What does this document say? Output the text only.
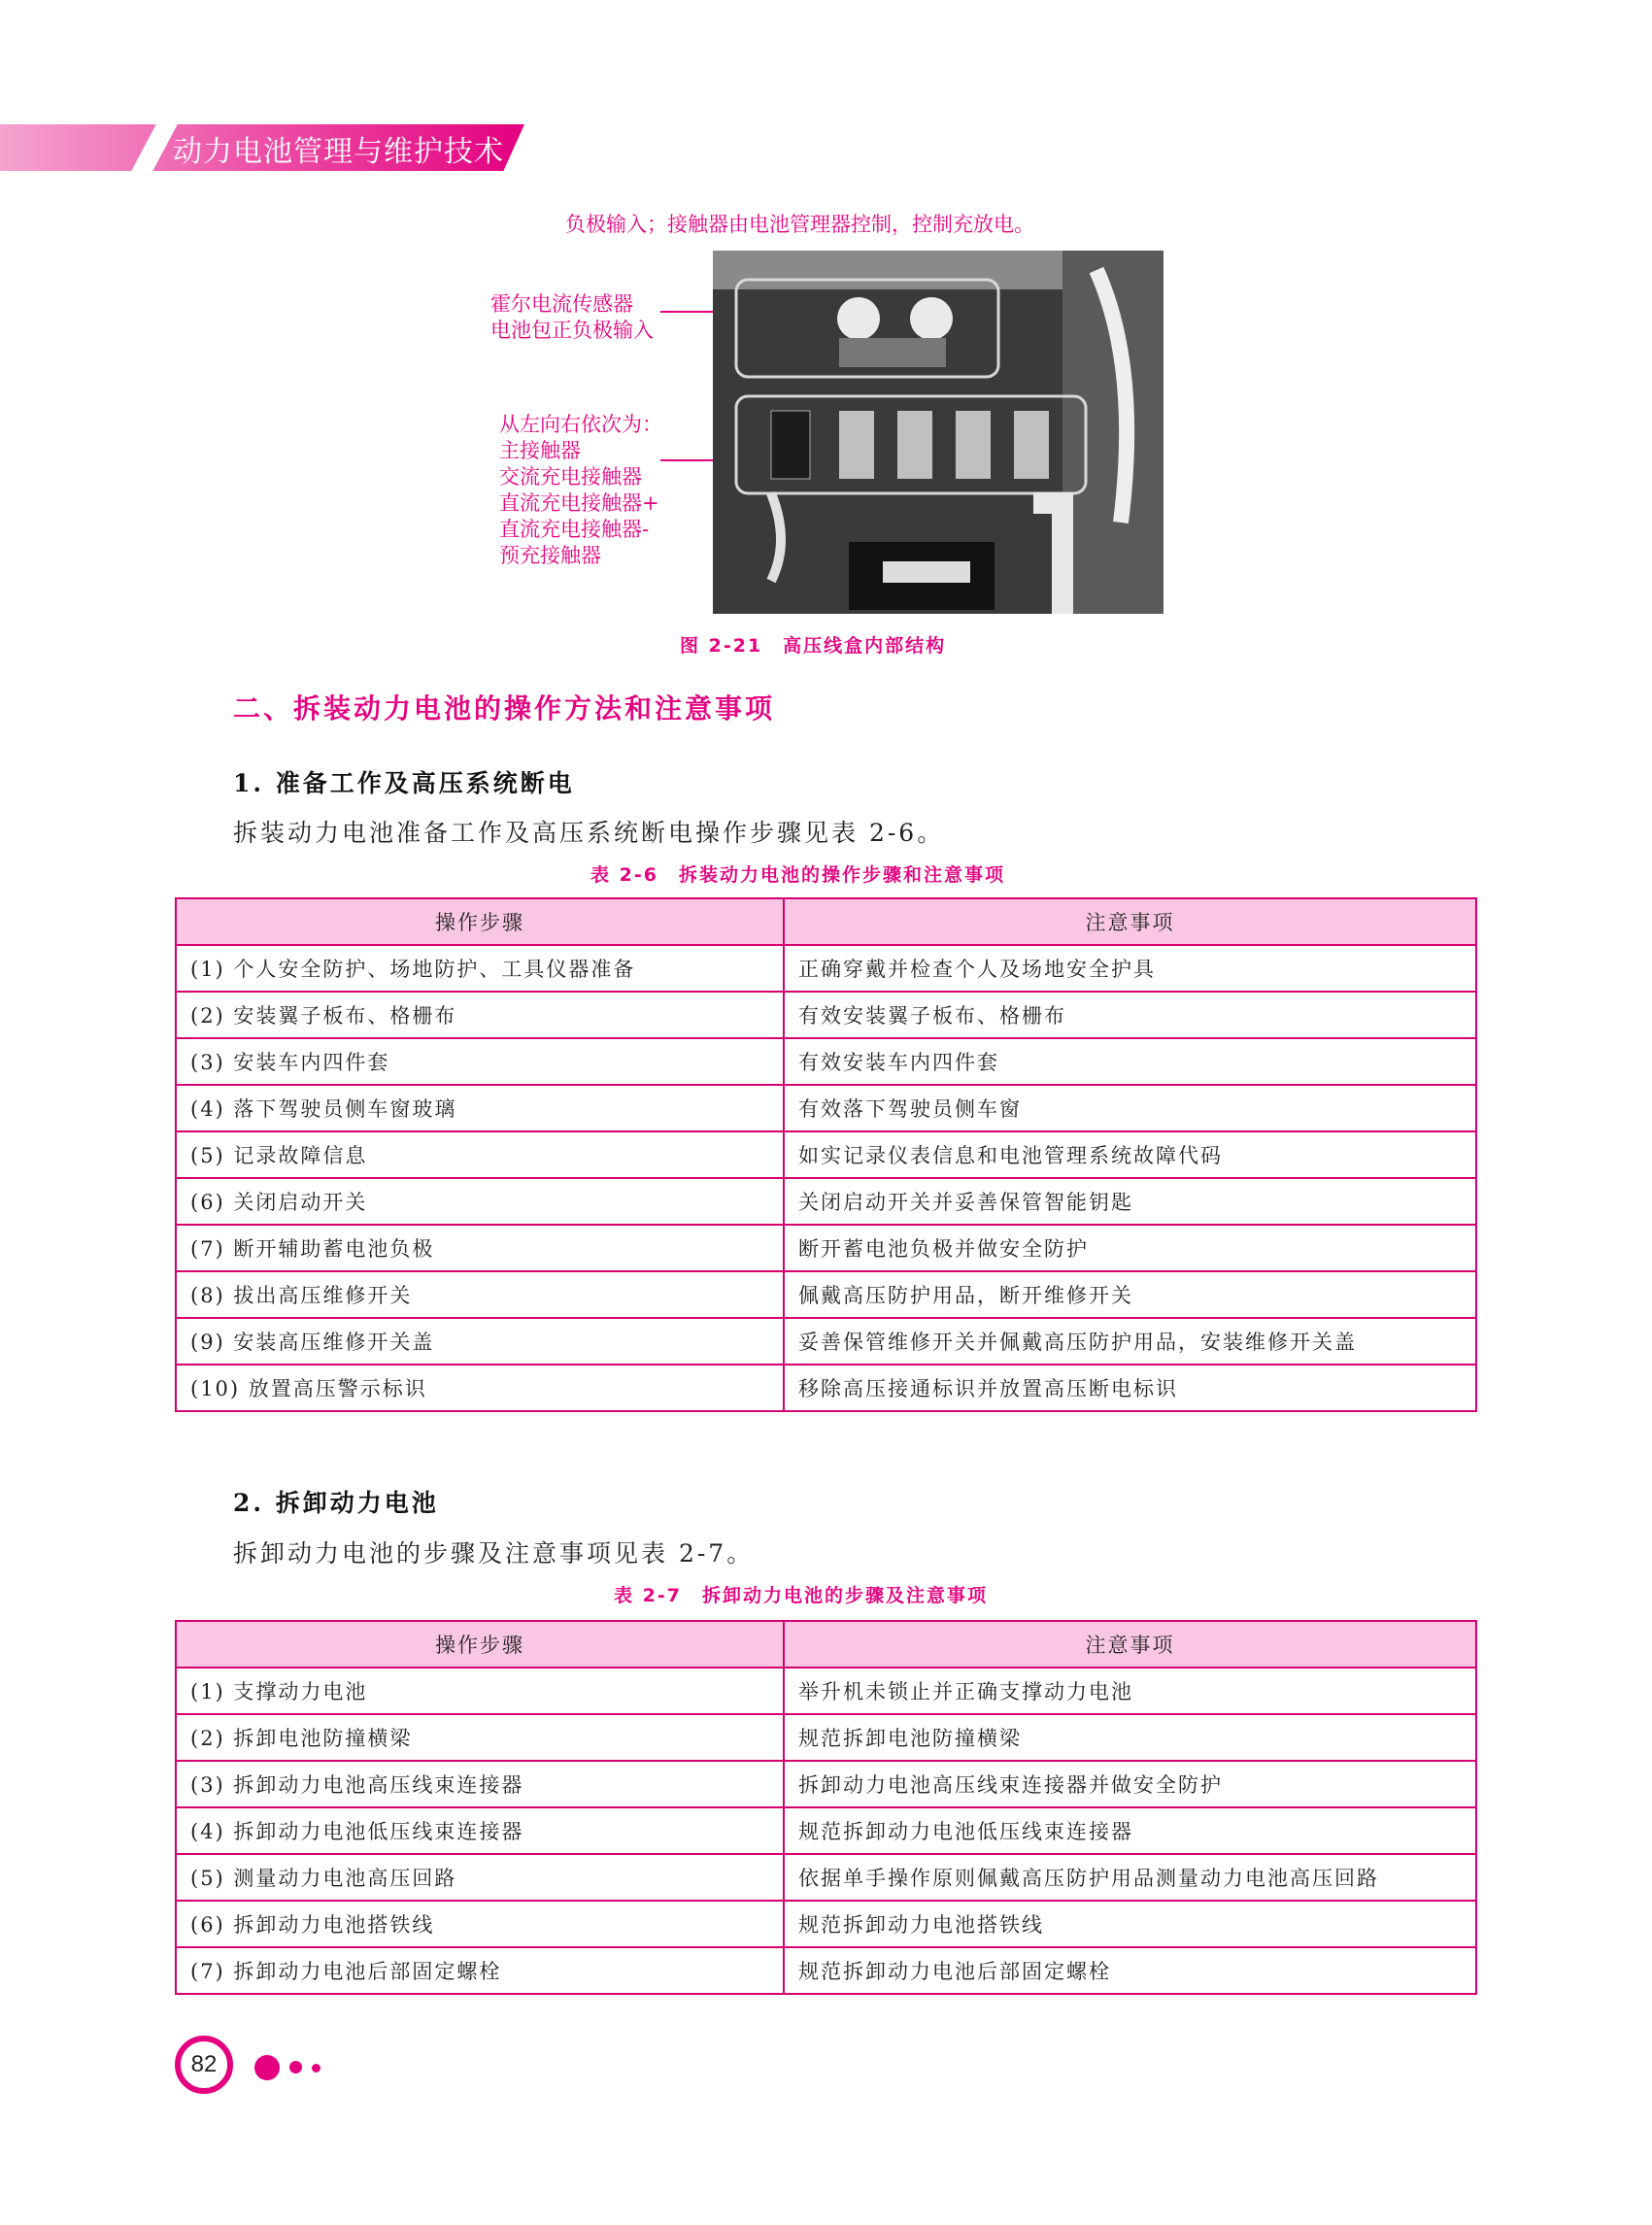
动力电池管理与维护技术
负极输入；接触器由电池管理器控制，控制充放电。
霍尔电流传感器
电池包正负极输入
从左向右依次为：
主接触器
交流充电接触器
直流充电接触器+
直流充电接触器-
预充接触器
图 2-21　高压线盒内部结构
二、拆装动力电池的操作方法和注意事项
1. 准备工作及高压系统断电
拆装动力电池准备工作及高压系统断电操作步骤见表 2-6。
表 2-6　拆装动力电池的操作步骤和注意事项
操作步骤	注意事项
(1) 个人安全防护、场地防护、工具仪器准备	正确穿戴并检查个人及场地安全护具
(2) 安装翼子板布、格栅布	有效安装翼子板布、格栅布
(3) 安装车内四件套	有效安装车内四件套
(4) 落下驾驶员侧车窗玻璃	有效落下驾驶员侧车窗
(5) 记录故障信息	如实记录仪表信息和电池管理系统故障代码
(6) 关闭启动开关	关闭启动开关并妥善保管智能钥匙
(7) 断开辅助蓄电池负极	断开蓄电池负极并做安全防护
(8) 拔出高压维修开关	佩戴高压防护用品，断开维修开关
(9) 安装高压维修开关盖	妥善保管维修开关并佩戴高压防护用品，安装维修开关盖
(10) 放置高压警示标识	移除高压接通标识并放置高压断电标识
2. 拆卸动力电池
拆卸动力电池的步骤及注意事项见表 2-7。
表 2-7　拆卸动力电池的步骤及注意事项
操作步骤	注意事项
(1) 支撑动力电池	举升机未锁止并正确支撑动力电池
(2) 拆卸电池防撞横梁	规范拆卸电池防撞横梁
(3) 拆卸动力电池高压线束连接器	拆卸动力电池高压线束连接器并做安全防护
(4) 拆卸动力电池低压线束连接器	规范拆卸动力电池低压线束连接器
(5) 测量动力电池高压回路	依据单手操作原则佩戴高压防护用品测量动力电池高压回路
(6) 拆卸动力电池搭铁线	规范拆卸动力电池搭铁线
(7) 拆卸动力电池后部固定螺栓	规范拆卸动力电池后部固定螺栓
82
